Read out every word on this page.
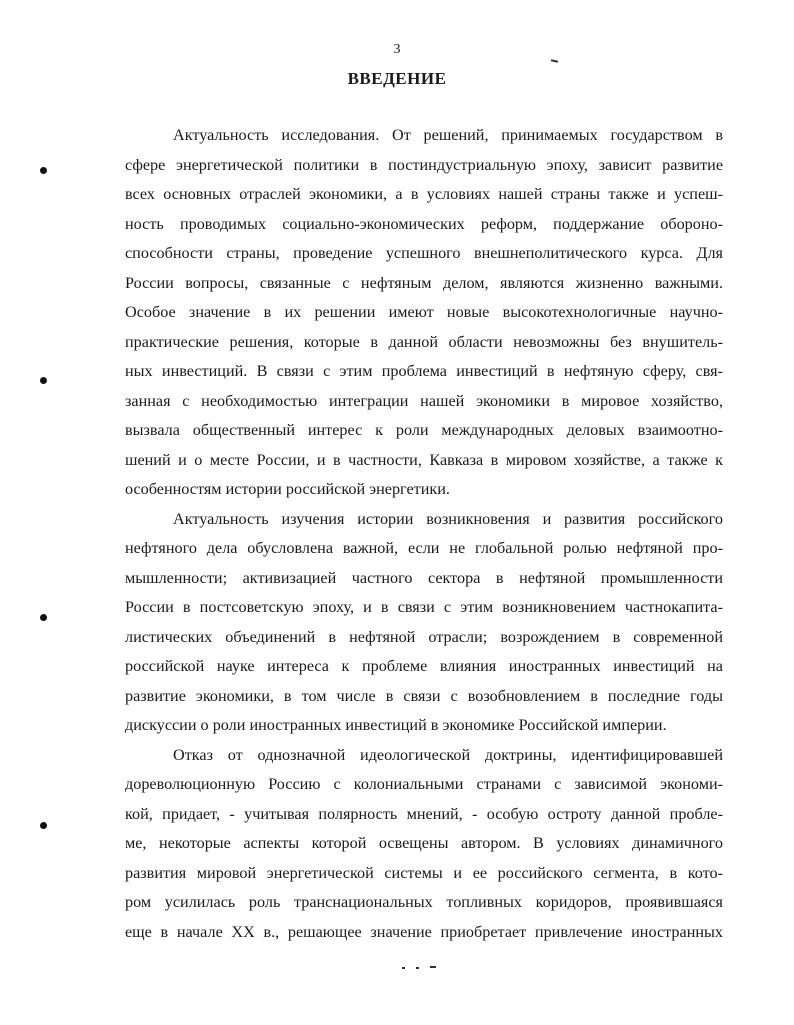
3
ВВЕДЕНИЕ
Актуальность исследования. От решений, принимаемых государством в
сфере энергетической политики в постиндустриальную эпоху, зависит развитие
всех основных отраслей экономики, а в условиях нашей страны также и успеш-
ность проводимых социально-экономических реформ, поддержание обороно-
способности страны, проведение успешного внешнеполитического курса. Для
России вопросы, связанные с нефтяным делом, являются жизненно важными.
Особое значение в их решении имеют новые высокотехнологичные научно-
практические решения, которые в данной области невозможны без внушитель-
ных инвестиций. В связи с этим проблема инвестиций в нефтяную сферу, свя-
занная с необходимостью интеграции нашей экономики в мировое хозяйство,
вызвала общественный интерес к роли международных деловых взаимоотно-
шений и о месте России, и в частности, Кавказа в мировом хозяйстве, а также к
особенностям истории российской энергетики.
Актуальность изучения истории возникновения и развития российского
нефтяного дела обусловлена важной, если не глобальной ролью нефтяной про-
мышленности; активизацией частного сектора в нефтяной промышленности
России в постсоветскую эпоху, и в связи с этим возникновением частнокапита-
листических объединений в нефтяной отрасли; возрождением в современной
российской науке интереса к проблеме влияния иностранных инвестиций на
развитие экономики, в том числе в связи с возобновлением в последние годы
дискуссии о роли иностранных инвестиций в экономике Российской империи.
Отказ от однозначной идеологической доктрины, идентифицировавшей
дореволюционную Россию с колониальными странами с зависимой экономи-
кой, придает, - учитывая полярность мнений, - особую остроту данной пробле-
ме, некоторые аспекты которой освещены автором. В условиях динамичного
развития мировой энергетической системы и ее российского сегмента, в кото-
ром усилилась роль транснациональных топливных коридоров, проявившаяся
еще в начале XX в., решающее значение приобретает привлечение иностранных
